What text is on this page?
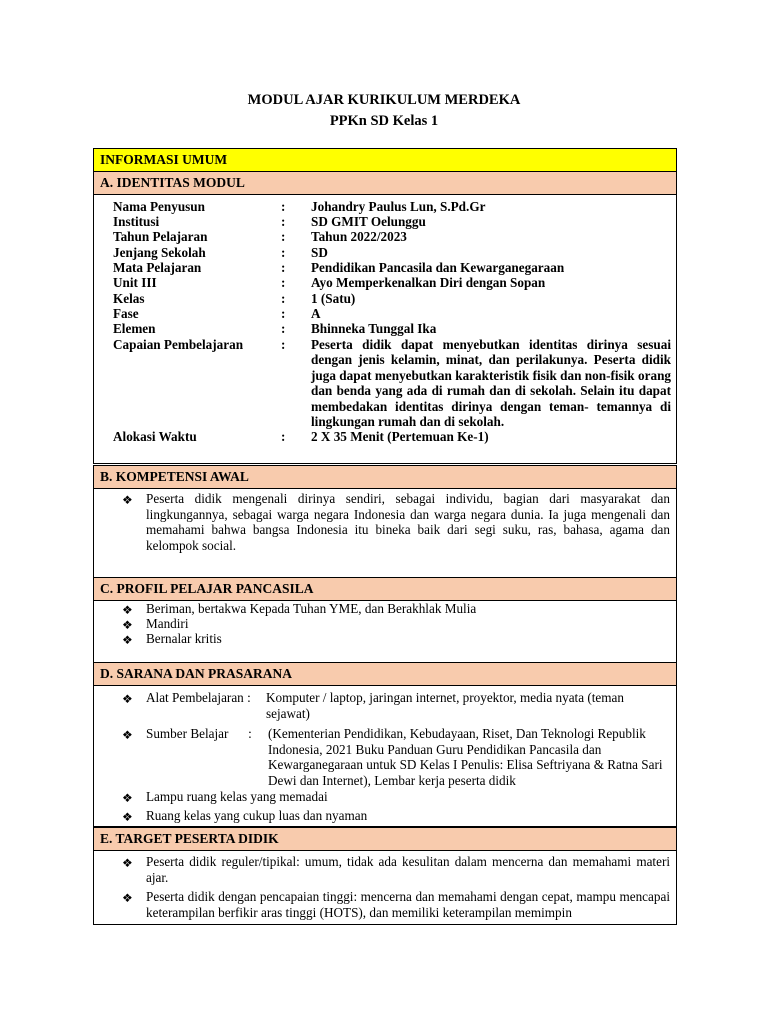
MODUL AJAR KURIKULUM MERDEKA
PPKn SD Kelas 1
INFORMASI UMUM
A. IDENTITAS MODUL
Nama Penyusun	: Johandry Paulus Lun, S.Pd.Gr
Institusi	: SD GMIT Oelunggu
Tahun Pelajaran	: Tahun 2022/2023
Jenjang Sekolah	: SD
Mata Pelajaran	: Pendidikan Pancasila dan Kewarganegaraan
Unit III	: Ayo Memperkenalkan Diri dengan Sopan
Kelas	: 1 (Satu)
Fase	: A
Elemen	: Bhinneka Tunggal Ika
Capaian Pembelajaran	: Peserta didik dapat menyebutkan identitas dirinya sesuai dengan jenis kelamin, minat, dan perilakunya. Peserta didik juga dapat menyebutkan karakteristik fisik dan non-fisik orang dan benda yang ada di rumah dan di sekolah. Selain itu dapat membedakan identitas dirinya dengan teman- temannya di lingkungan rumah dan di sekolah.
Alokasi Waktu	: 2 X 35 Menit (Pertemuan Ke-1)
B. KOMPETENSI AWAL
❖ Peserta didik mengenali dirinya sendiri, sebagai individu, bagian dari masyarakat dan lingkungannya, sebagai warga negara Indonesia dan warga negara dunia. Ia juga mengenali dan memahami bahwa bangsa Indonesia itu bineka baik dari segi suku, ras, bahasa, agama dan kelompok social.
C. PROFIL PELAJAR PANCASILA
❖ Beriman, bertakwa Kepada Tuhan YME, dan Berakhlak Mulia
❖ Mandiri
❖ Bernalar kritis
D. SARANA DAN PRASARANA
❖ Alat Pembelajaran : Komputer / laptop, jaringan internet, proyektor, media nyata (teman sejawat)
❖ Sumber Belajar      : (Kementerian Pendidikan, Kebudayaan, Riset, Dan Teknologi Republik Indonesia, 2021 Buku Panduan Guru Pendidikan Pancasila dan Kewarganegaraan untuk SD Kelas I Penulis: Elisa Seftriyana & Ratna Sari Dewi dan Internet), Lembar kerja peserta didik
❖ Lampu ruang kelas yang memadai
❖ Ruang kelas yang cukup luas dan nyaman
E. TARGET PESERTA DIDIK
❖ Peserta didik reguler/tipikal: umum, tidak ada kesulitan dalam mencerna dan memahami materi ajar.
❖ Peserta didik dengan pencapaian tinggi: mencerna dan memahami dengan cepat, mampu mencapai keterampilan berfikir aras tinggi (HOTS), dan memiliki keterampilan memimpin
